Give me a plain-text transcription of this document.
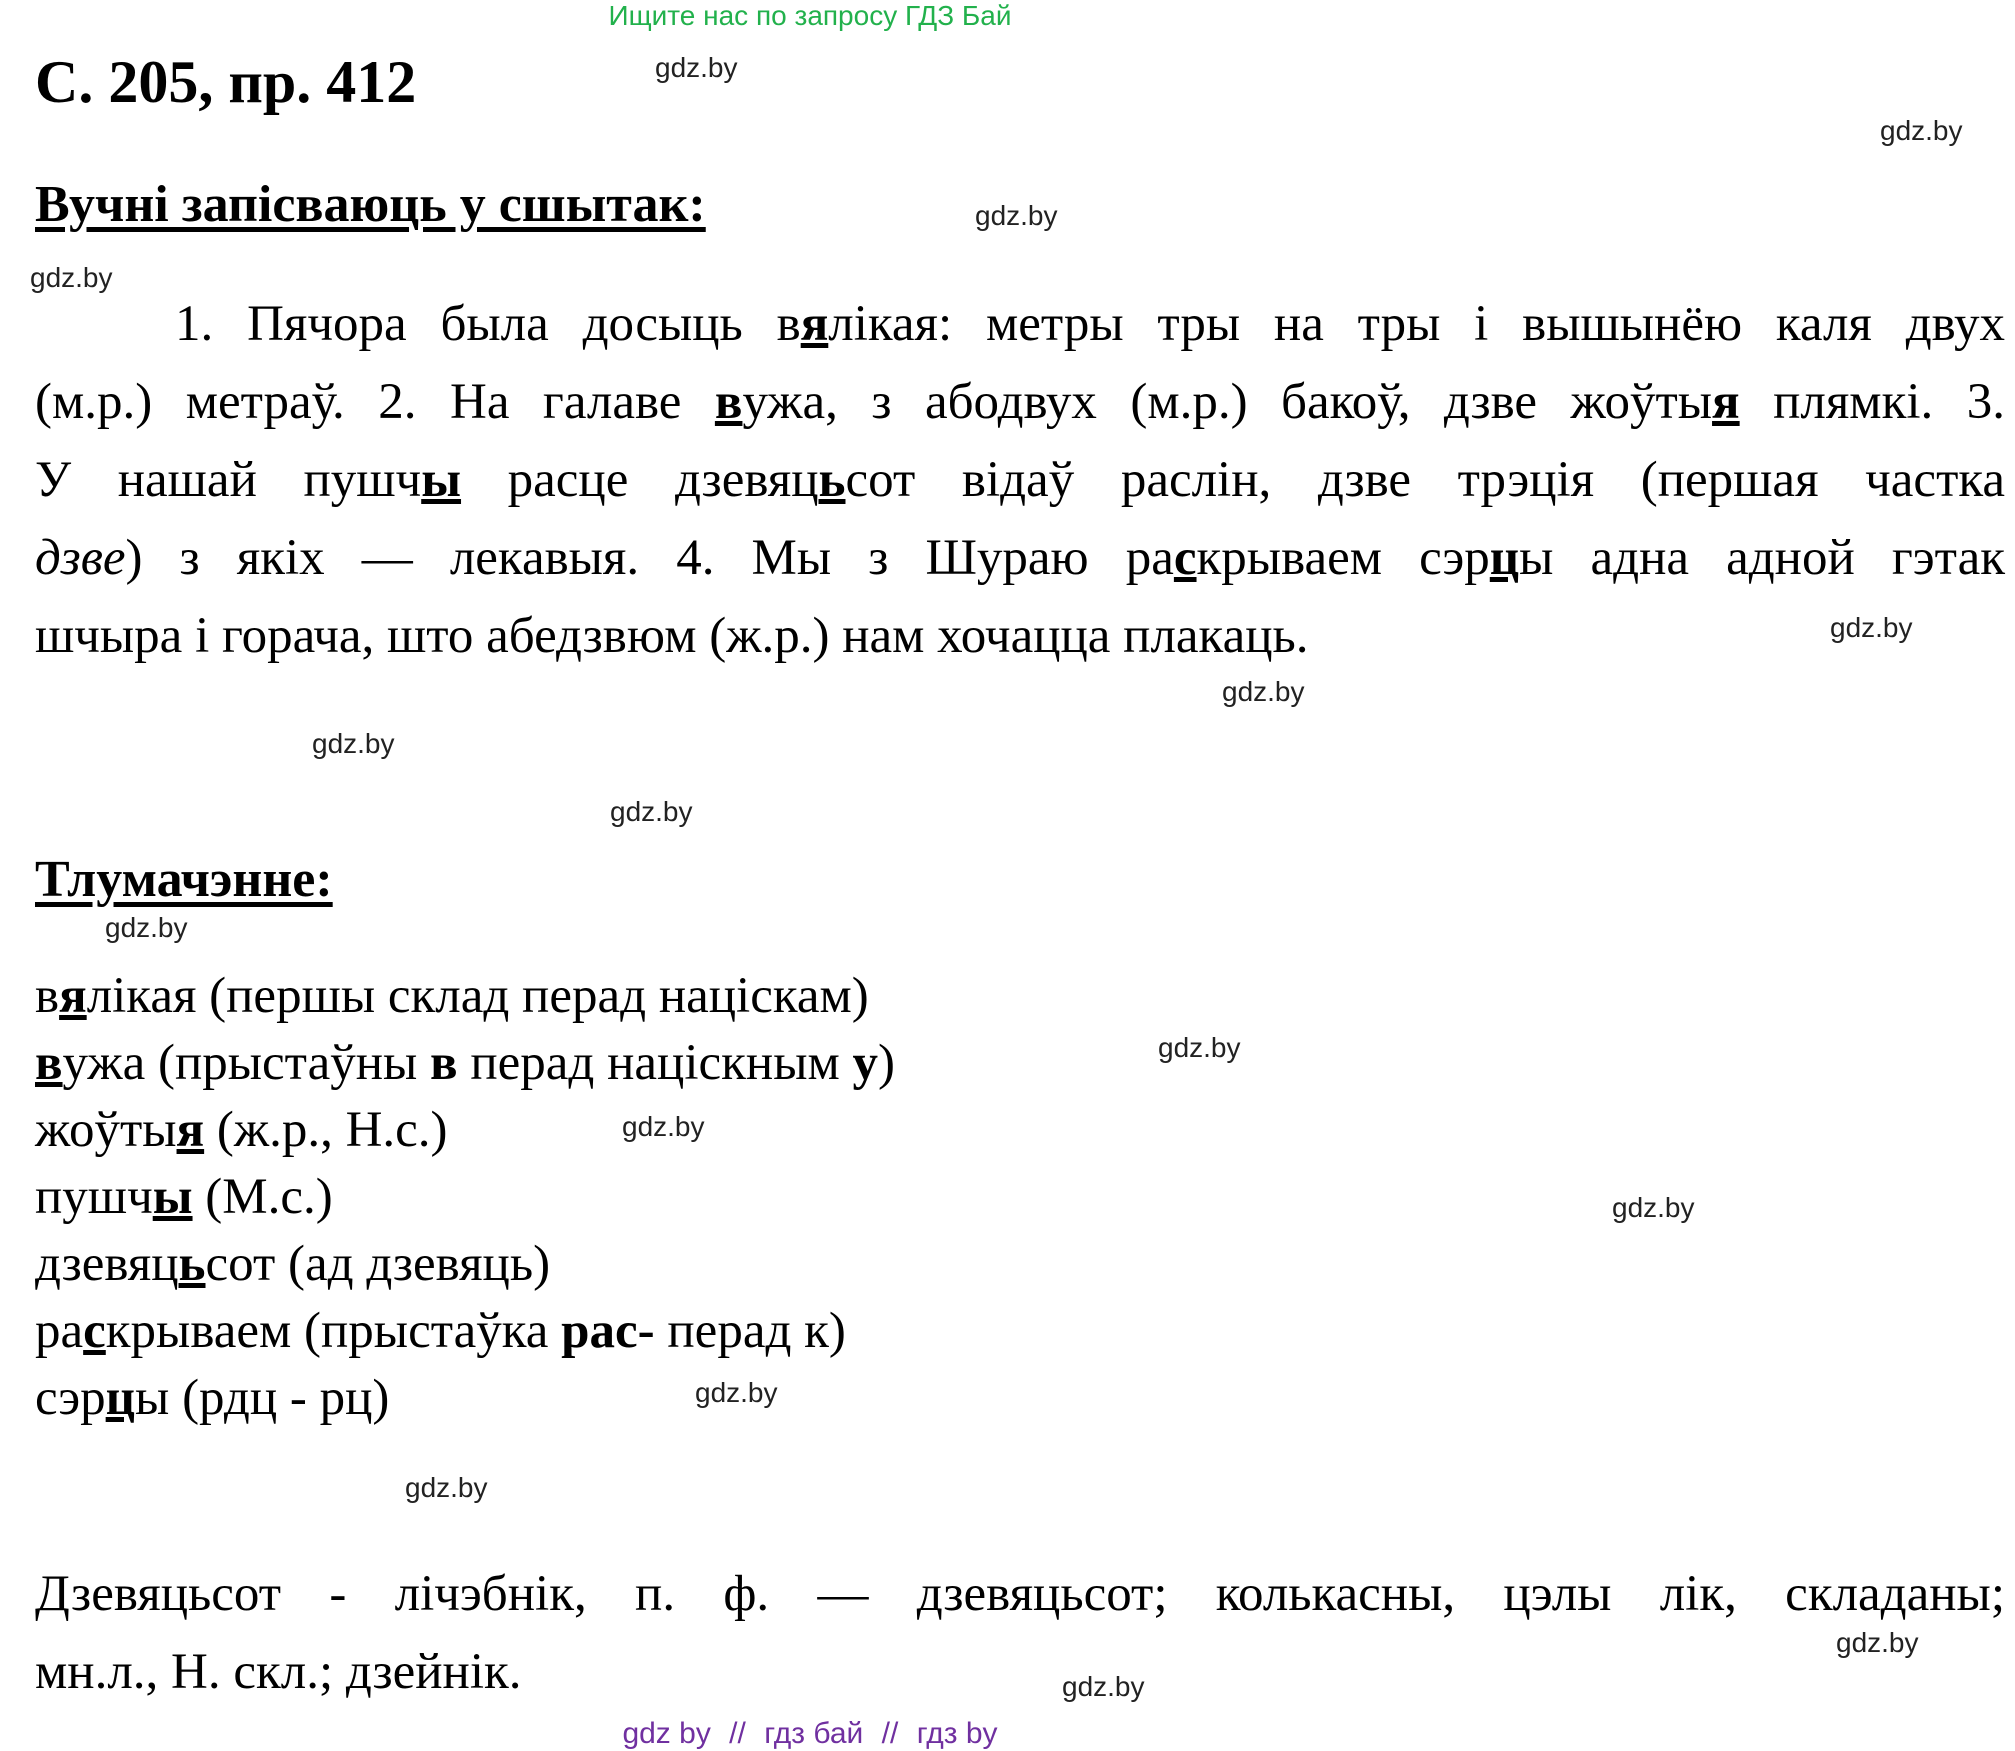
Ищите нас по запросу ГДЗ Бай
С. 205, пр. 412
Вучні запісваюць у сшытак:
1. Пячора была досыць вялікая: метры тры на тры і вышынёю каля двух
(м.р.) метраў. 2. На галаве вужа, з абодвух (м.р.) бакоў, дзве жоўтыя плямкі. 3.
У нашай пушчы расце дзевяцьсот відаў раслін, дзве трэція (першая частка
дзве) з якіх — лекавыя. 4. Мы з Шураю раскрываем сэрцы адна адной гэтак
шчыра і горача, што абедзвюм (ж.р.) нам хочацца плакаць.
Тлумачэнне:
вялікая (першы склад перад націскам)
вужа (прыстаўны в перад націскным у)
жоўтыя (ж.р., Н.с.)
пушчы (М.с.)
дзевяцьсот (ад дзевяць)
раскрываем (прыстаўка рас- перад к)
сэрцы (рдц - рц)
Дзевяцьсот - лічэбнік, п. ф. — дзевяцьсот; колькасны, цэлы лік, складаны;
мн.л., Н. скл.; дзейнік.
gdz.by
gdz.by
gdz.by
gdz.by
gdz.by
gdz.by
gdz.by
gdz.by
gdz.by
gdz.by
gdz.by
gdz.by
gdz.by
gdz.by
gdz.by
gdz.by
gdz by // гдз бай // гдз by
